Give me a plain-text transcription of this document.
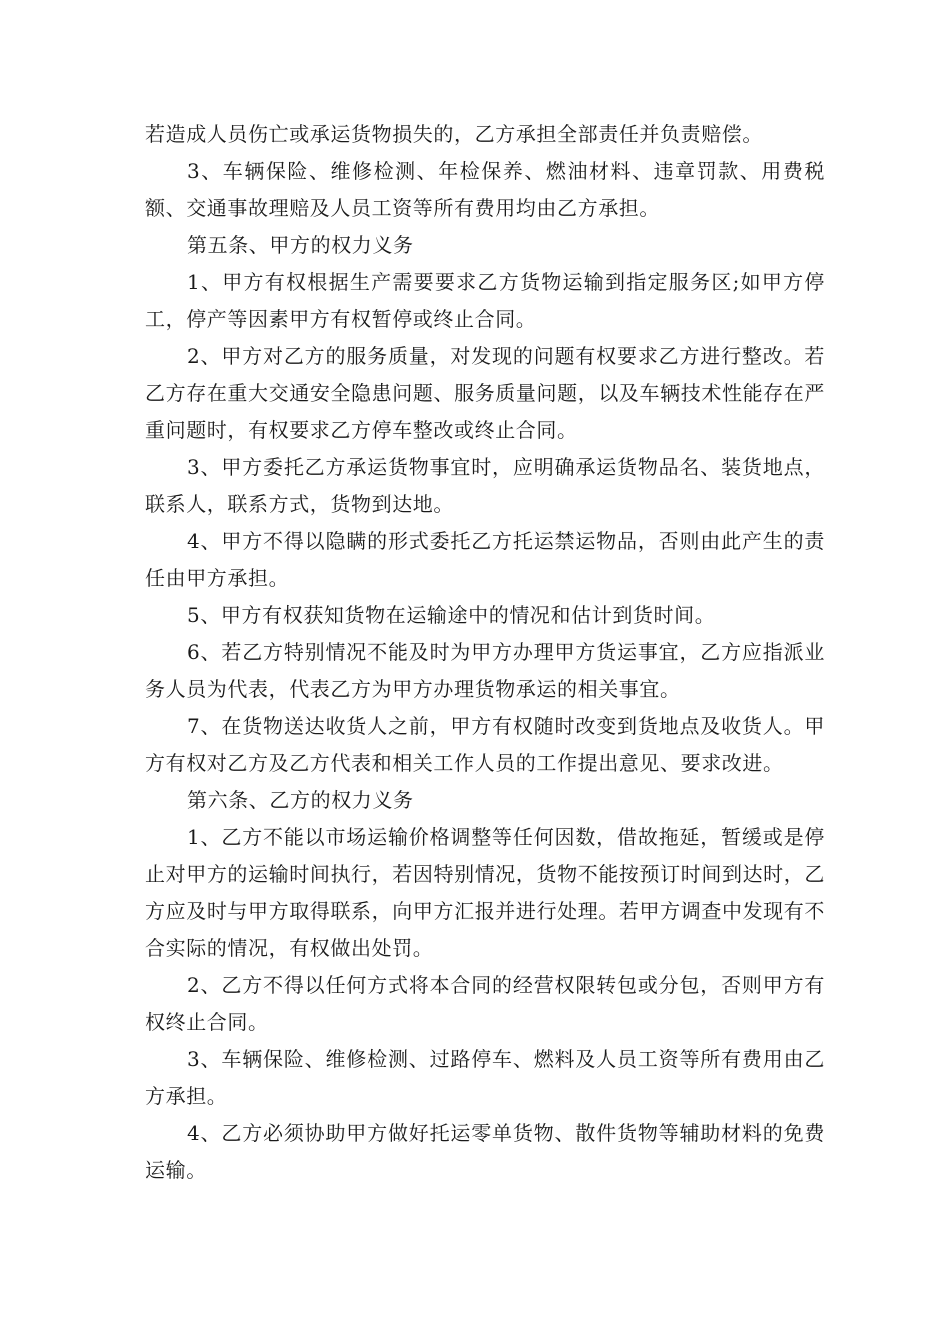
若造成人员伤亡或承运货物损失的，乙方承担全部责任并负责赔偿。

3、车辆保险、维修检测、年检保养、燃油材料、违章罚款、用费税额、交通事故理赔及人员工资等所有费用均由乙方承担。

第五条、甲方的权力义务

1、甲方有权根据生产需要要求乙方货物运输到指定服务区;如甲方停工，停产等因素甲方有权暂停或终止合同。

2、甲方对乙方的服务质量，对发现的问题有权要求乙方进行整改。若乙方存在重大交通安全隐患问题、服务质量问题，以及车辆技术性能存在严重问题时，有权要求乙方停车整改或终止合同。

3、甲方委托乙方承运货物事宜时，应明确承运货物品名、装货地点，联系人，联系方式，货物到达地。

4、甲方不得以隐瞒的形式委托乙方托运禁运物品，否则由此产生的责任由甲方承担。

5、甲方有权获知货物在运输途中的情况和估计到货时间。

6、若乙方特别情况不能及时为甲方办理甲方货运事宜，乙方应指派业务人员为代表，代表乙方为甲方办理货物承运的相关事宜。

7、在货物送达收货人之前，甲方有权随时改变到货地点及收货人。甲方有权对乙方及乙方代表和相关工作人员的工作提出意见、要求改进。

第六条、乙方的权力义务

1、乙方不能以市场运输价格调整等任何因数，借故拖延，暂缓或是停止对甲方的运输时间执行，若因特别情况，货物不能按预订时间到达时，乙方应及时与甲方取得联系，向甲方汇报并进行处理。若甲方调查中发现有不合实际的情况，有权做出处罚。

2、乙方不得以任何方式将本合同的经营权限转包或分包，否则甲方有权终止合同。

3、车辆保险、维修检测、过路停车、燃料及人员工资等所有费用由乙方承担。

4、乙方必须协助甲方做好托运零单货物、散件货物等辅助材料的免费运输。
